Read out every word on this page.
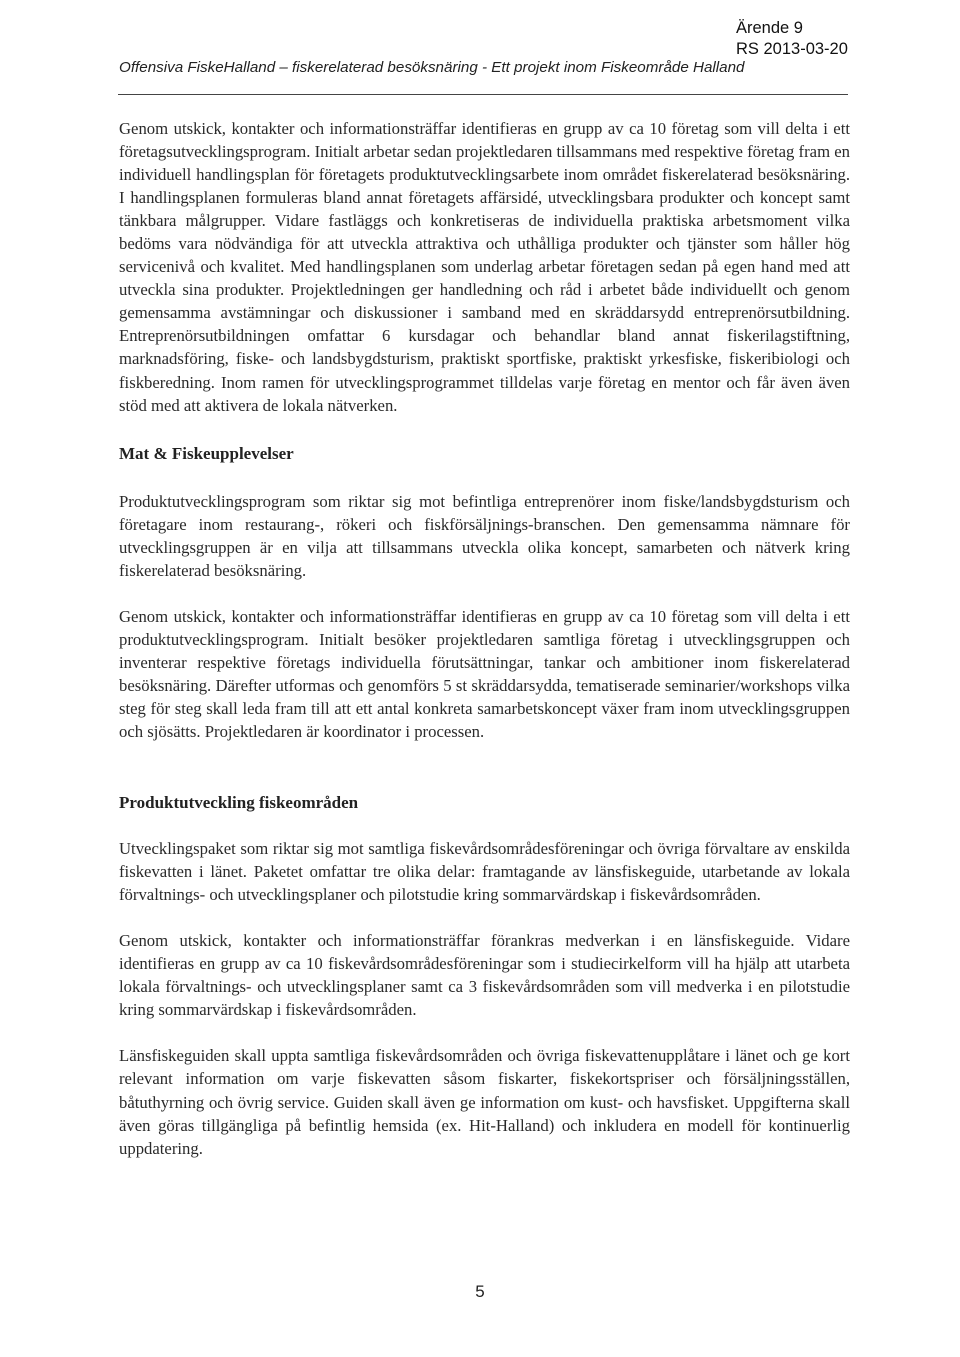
Ärende 9
RS 2013-03-20
Offensiva FiskeHalland – fiskerelaterad besöksnäring - Ett projekt inom Fiskeområde Halland

Genom utskick, kontakter och informationsträffar identifieras en grupp av ca 10 företag som vill delta i ett företagsutvecklingsprogram. Initialt arbetar sedan projektledaren tillsammans med respektive företag fram en individuell handlingsplan för företagets produktutvecklingsarbete inom området fiskerelaterad besöksnäring. I handlingsplanen formuleras bland annat företagets affärsidé, utvecklingsbara produkter och koncept samt tänkbara målgrupper. Vidare fastläggs och konkretiseras de individuella praktiska arbetsmoment vilka bedöms vara nödvändiga för att utveckla attraktiva och uthålliga produkter och tjänster som håller hög servicenivå och kvalitet. Med handlingsplanen som underlag arbetar företagen sedan på egen hand med att utveckla sina produkter. Projektledningen ger handledning och råd i arbetet både individuellt och genom gemensamma avstämningar och diskussioner i samband med en skräddarsydd entreprenörsutbildning. Entreprenörsutbildningen omfattar 6 kursdagar och behandlar bland annat fiskerilagstiftning, marknadsföring, fiske- och landsbygdsturism, praktiskt sportfiske, praktiskt yrkesfiske, fiskeribiologi och fiskberedning. Inom ramen för utvecklingsprogrammet tilldelas varje företag en mentor och får även även stöd med att aktivera de lokala nätverken.

Mat & Fiskeupplevelser

Produktutvecklingsprogram som riktar sig mot befintliga entreprenörer inom fiske/landsbygdsturism och företagare inom restaurang-, rökeri och fiskförsäljnings-branschen. Den gemensamma nämnare för utvecklingsgruppen är en vilja att tillsammans utveckla olika koncept, samarbeten och nätverk kring fiskerelaterad besöksnäring.

Genom utskick, kontakter och informationsträffar identifieras en grupp av ca 10 företag som vill delta i ett produktutvecklingsprogram. Initialt besöker projektledaren samtliga företag i utvecklingsgruppen och inventerar respektive företags individuella förutsättningar, tankar och ambitioner inom fiskerelaterad besöksnäring. Därefter utformas och genomförs 5 st skräddarsydda, tematiserade seminarier/workshops vilka steg för steg skall leda fram till att ett antal konkreta samarbetskoncept växer fram inom utvecklingsgruppen och sjösätts. Projektledaren är koordinator i processen.

Produktutveckling fiskeområden

Utvecklingspaket som riktar sig mot samtliga fiskevårdsområdesföreningar och övriga förvaltare av enskilda fiskevatten i länet. Paketet omfattar tre olika delar: framtagande av länsfiskeguide, utarbetande av lokala förvaltnings- och utvecklingsplaner och pilotstudie kring sommarvärdskap i fiskevårdsområden.

Genom utskick, kontakter och informationsträffar förankras medverkan i en länsfiskeguide. Vidare identifieras en grupp av ca 10 fiskevårdsområdesföreningar som i studiecirkelform vill ha hjälp att utarbeta lokala förvaltnings- och utvecklingsplaner samt ca 3 fiskevårdsområden som vill medverka i en pilotstudie kring sommarvärdskap i fiskevårdsområden.

Länsfiskeguiden skall uppta samtliga fiskevårdsområden och övriga fiskevattenupplåtare i länet och ge kort relevant information om varje fiskevatten såsom fiskarter, fiskekortspriser och försäljningsställen, båtuthyrning och övrig service. Guiden skall även ge information om kust- och havsfisket. Uppgifterna skall även göras tillgängliga på befintlig hemsida (ex. Hit-Halland) och inkludera en modell för kontinuerlig uppdatering.

5
